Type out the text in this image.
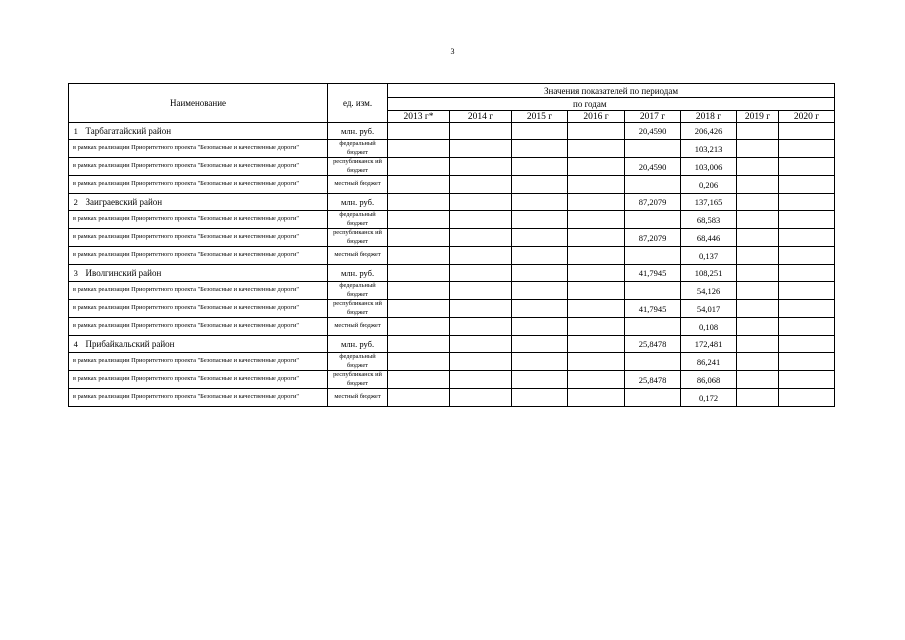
3
Наименование		ед. изм.	Значения показателей по периодам							
			по годам							
			2013 г*	2014 г	2015 г	2016 г	2017 г	2018 г	2019 г	2020 г
1	Тарбагатайский район	млн. руб.					20,4590	206,426		
в рамках реализации Приоритетного проекта "Безопасные и качественные дороги"		федеральный бюджет						103,213		
в рамках реализации Приоритетного проекта "Безопасные и качественные дороги"		республиканск ий бюджет					20,4590	103,006		
в рамках реализации Приоритетного проекта "Безопасные и качественные дороги"		местный бюджет						0,206		
2	Заиграевский район	млн. руб.					87,2079	137,165		
в рамках реализации Приоритетного проекта "Безопасные и качественные дороги"		федеральный бюджет						68,583		
в рамках реализации Приоритетного проекта "Безопасные и качественные дороги"		республиканск ий бюджет					87,2079	68,446		
в рамках реализации Приоритетного проекта "Безопасные и качественные дороги"		местный бюджет						0,137		
3	Иволгинский район	млн. руб.					41,7945	108,251		
в рамках реализации Приоритетного проекта "Безопасные и качественные дороги"		федеральный бюджет						54,126		
в рамках реализации Приоритетного проекта "Безопасные и качественные дороги"		республиканск ий бюджет					41,7945	54,017		
в рамках реализации Приоритетного проекта "Безопасные и качественные дороги"		местный бюджет						0,108		
4	Прибайкальский район	млн. руб.					25,8478	172,481		
в рамках реализации Приоритетного проекта "Безопасные и качественные дороги"		федеральный бюджет						86,241		
в рамках реализации Приоритетного проекта "Безопасные и качественные дороги"		республиканск ий бюджет					25,8478	86,068		
в рамках реализации Приоритетного проекта "Безопасные и качественные дороги"		местный бюджет						0,172		
